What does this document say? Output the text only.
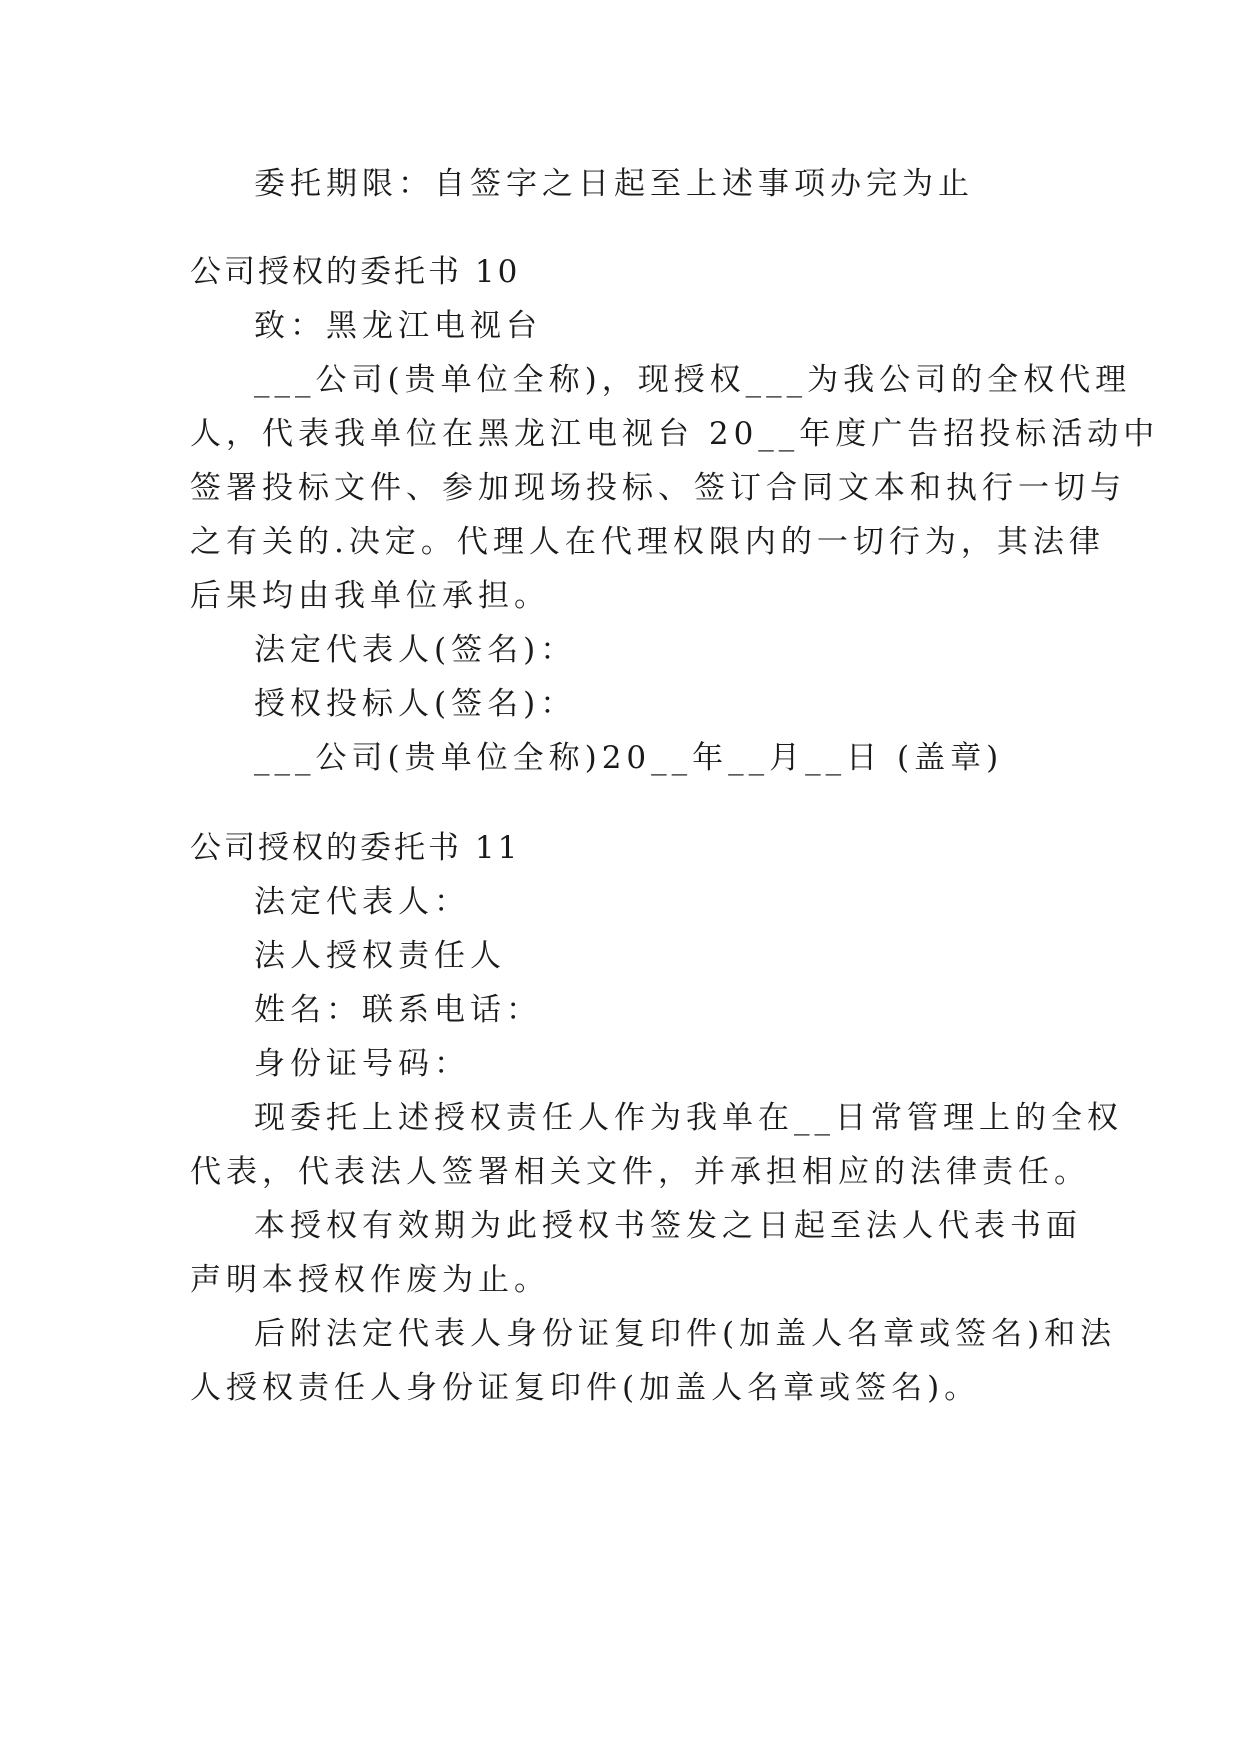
委托期限：自签字之日起至上述事项办完为止
公司授权的委托书 10
致：黑龙江电视台
___公司(贵单位全称)，现授权___为我公司的全权代理
人，代表我单位在黑龙江电视台 20__年度广告招投标活动中
签署投标文件、参加现场投标、签订合同文本和执行一切与
之有关的.决定。代理人在代理权限内的一切行为，其法律
后果均由我单位承担。
法定代表人(签名)：
授权投标人(签名)：
___公司(贵单位全称)20__年__月__日 (盖章)
公司授权的委托书 11
法定代表人：
法人授权责任人
姓名：联系电话：
身份证号码：
现委托上述授权责任人作为我单在__日常管理上的全权
代表，代表法人签署相关文件，并承担相应的法律责任。
本授权有效期为此授权书签发之日起至法人代表书面
声明本授权作废为止。
后附法定代表人身份证复印件(加盖人名章或签名)和法
人授权责任人身份证复印件(加盖人名章或签名)。
